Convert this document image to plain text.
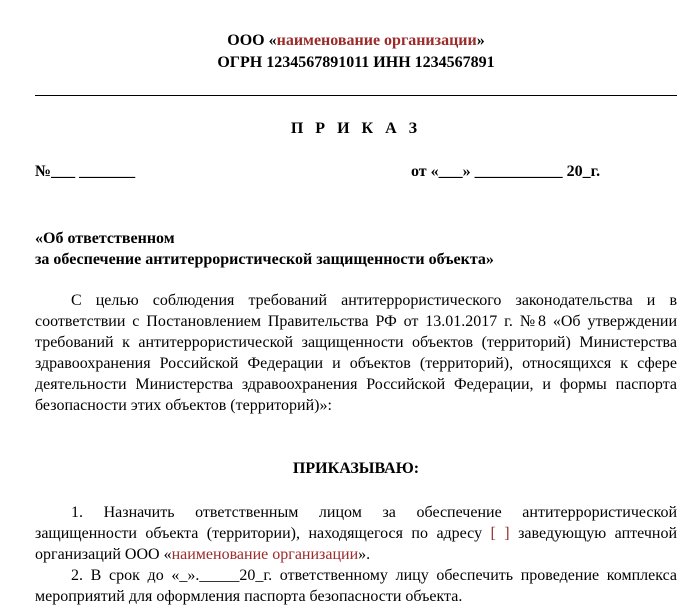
ООО «наименование организации»
ОГРН 1234567891011 ИНН 1234567891
П Р И К А З
№___ _______	от «___» ___________ 20_г.
«Об ответственном
за обеспечение антитеррористической защищенности объекта»
С целью соблюдения требований антитеррористического законодательства и в соответствии с Постановлением Правительства РФ от 13.01.2017 г. №8 «Об утверждении требований к антитеррористической защищенности объектов (территорий) Министерства здравоохранения Российской Федерации и объектов (территорий), относящихся к сфере деятельности Министерства здравоохранения Российской Федерации, и формы паспорта безопасности этих объектов (территорий)»:
ПРИКАЗЫВАЮ:
1. Назначить ответственным лицом за обеспечение антитеррористической защищенности объекта (территории), находящегося по адресу [ ] заведующую аптечной организаций ООО «наименование организации».
2. В срок до «_»._____20_г. ответственному лицу обеспечить проведение комплекса мероприятий для оформления паспорта безопасности объекта.
